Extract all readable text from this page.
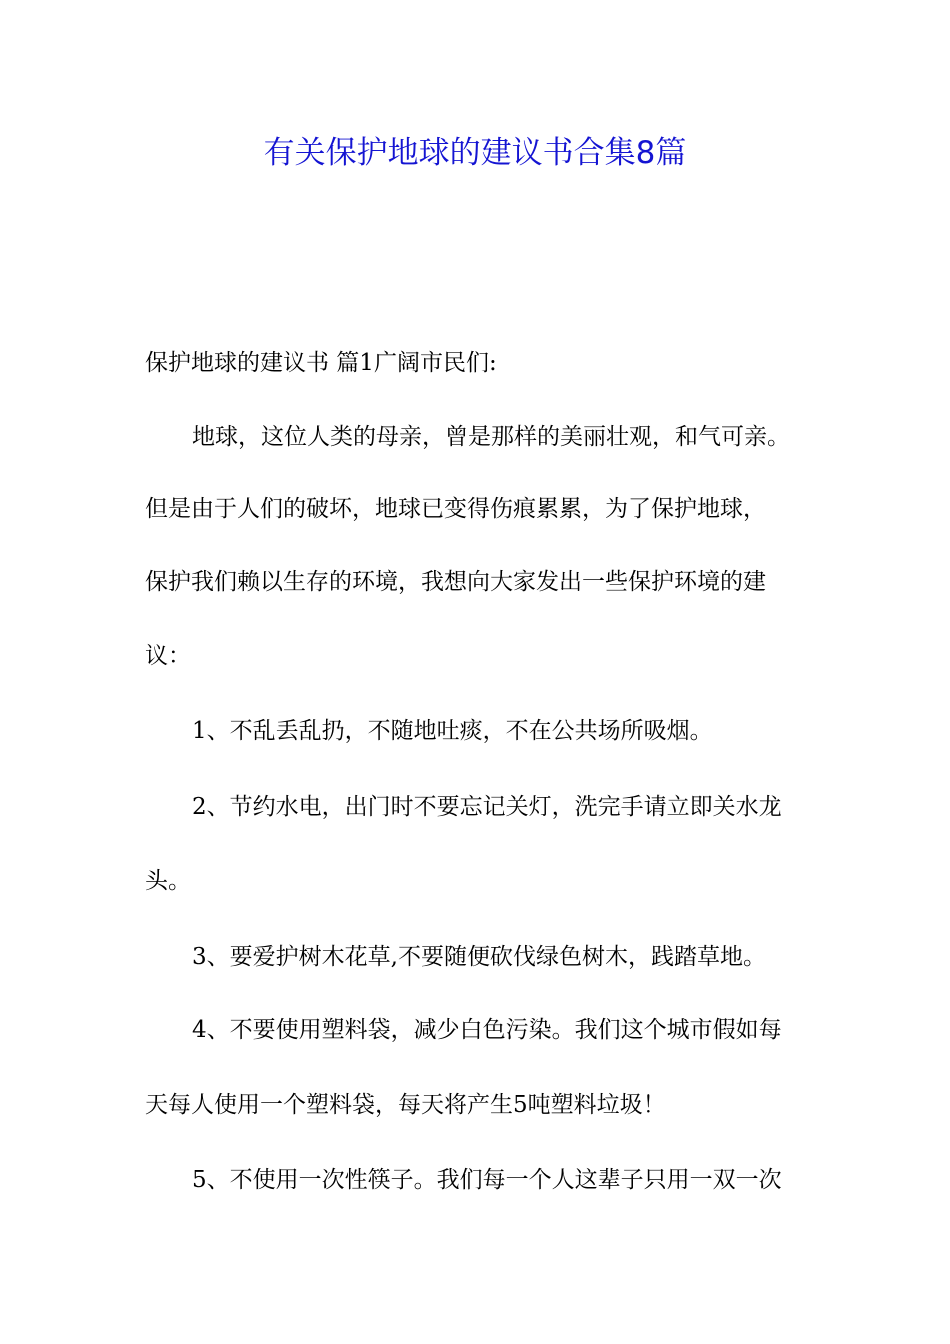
有关保护地球的建议书合集8篇
保护地球的建议书 篇1广阔市民们:
地球，这位人类的母亲，曾是那样的美丽壮观，和气可亲。
但是由于人们的破坏，地球已变得伤痕累累，为了保护地球，
保护我们赖以生存的环境，我想向大家发出一些保护环境的建
议：
1、不乱丢乱扔，不随地吐痰，不在公共场所吸烟。
2、节约水电，出门时不要忘记关灯，洗完手请立即关水龙
头。
3、要爱护树木花草,不要随便砍伐绿色树木，践踏草地。
4、不要使用塑料袋，减少白色污染。我们这个城市假如每
天每人使用一个塑料袋，每天将产生5吨塑料垃圾！
5、不使用一次性筷子。我们每一个人这辈子只用一双一次
